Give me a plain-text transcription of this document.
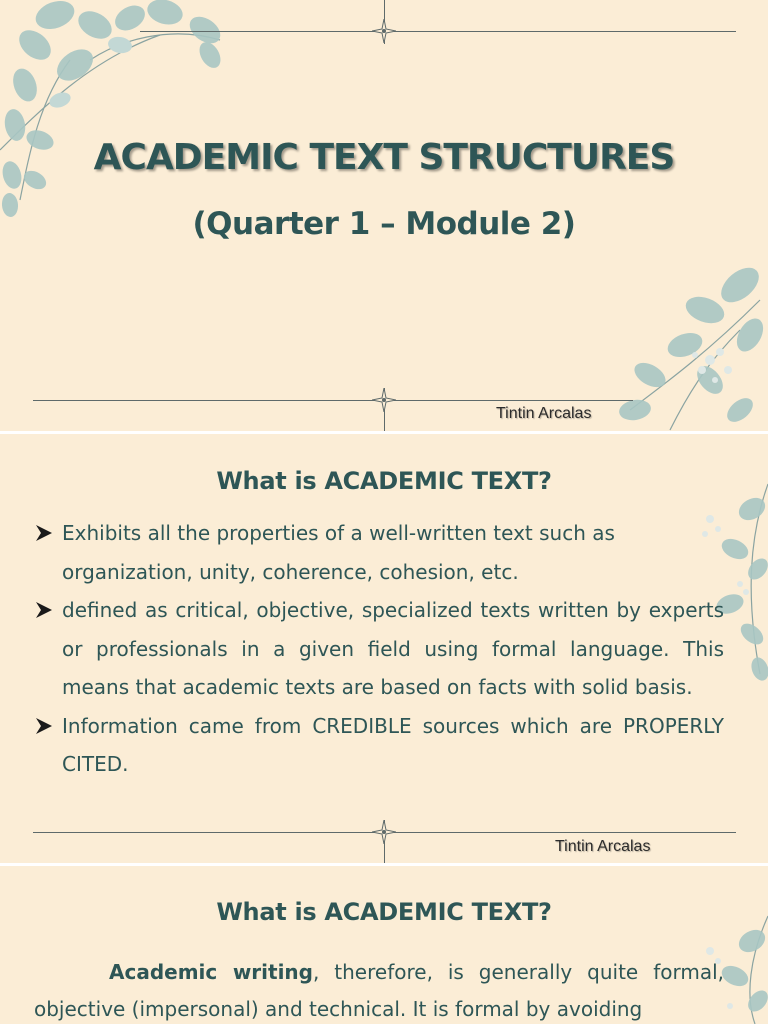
ACADEMIC TEXT STRUCTURES
(Quarter 1 – Module 2)
Tintin Arcalas
What is ACADEMIC TEXT?
Exhibits all the properties of a well-written text such as organization, unity, coherence, cohesion, etc.
defined as critical, objective, specialized texts written by experts or professionals in a given field using formal language. This means that academic texts are based on facts with solid basis.
Information came from CREDIBLE sources which are PROPERLY CITED.
Tintin Arcalas
What is ACADEMIC TEXT?

Academic writing, therefore, is generally quite formal, objective (impersonal) and technical. It is formal by avoiding
